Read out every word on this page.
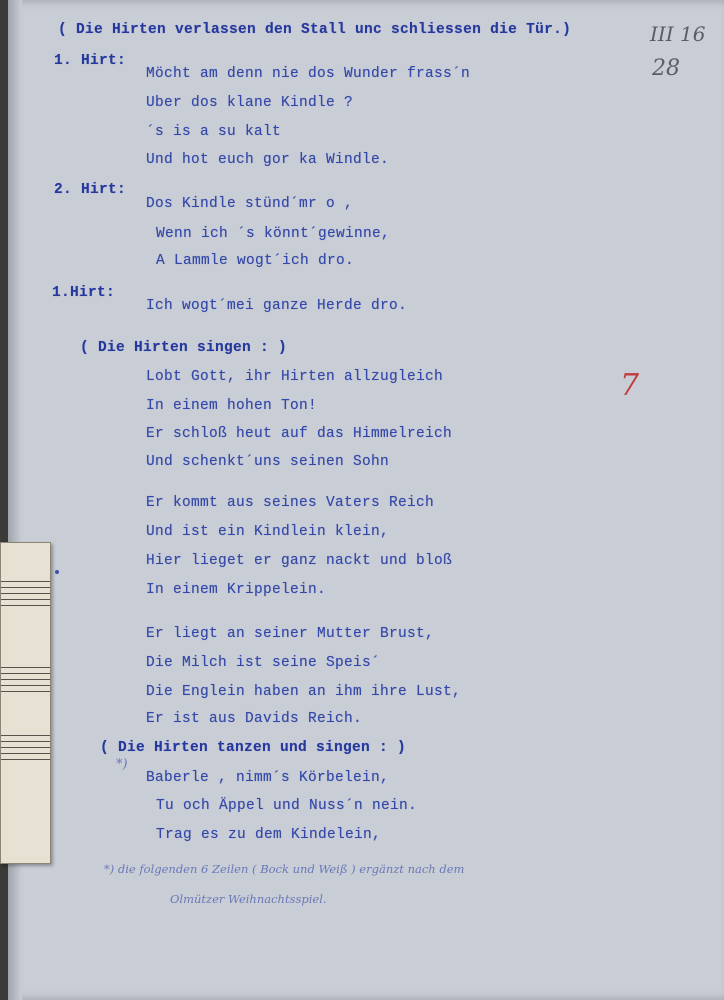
III 16
28
7
( Die Hirten verlassen den Stall unc schliessen die Tür.)
1. Hirt:
Möcht am denn nie dos Wunder frass´n
Uber dos klane Kindle ?
´s is a su kalt
Und hot euch gor ka Windle.
2. Hirt:
Dos Kindle stünd´mr o ,
Wenn ich ´s könnt´gewinne,
A Lammle wogt´ich dro.
1.Hirt:
Ich wogt´mei ganze Herde dro.
( Die Hirten singen : )
Lobt Gott, ihr Hirten allzugleich
In einem hohen Ton!
Er schloß heut auf das Himmelreich
Und schenkt´uns seinen Sohn
Er kommt aus seines Vaters Reich
Und ist ein Kindlein klein,
Hier lieget er ganz nackt und bloß
In einem Krippelein.
Er liegt an seiner Mutter Brust,
Die Milch ist seine Speis´
Die Englein haben an ihm ihre Lust,
Er ist aus Davids Reich.
( Die Hirten tanzen und singen : )
*)
Baberle , nimm´s Körbelein,
Tu och Äppel und Nuss´n nein.
Trag es zu dem Kindelein,
*) die folgenden 6 Zeilen ( Bock und Weiß ) ergänzt nach dem
Olmützer Weihnachtsspiel.
